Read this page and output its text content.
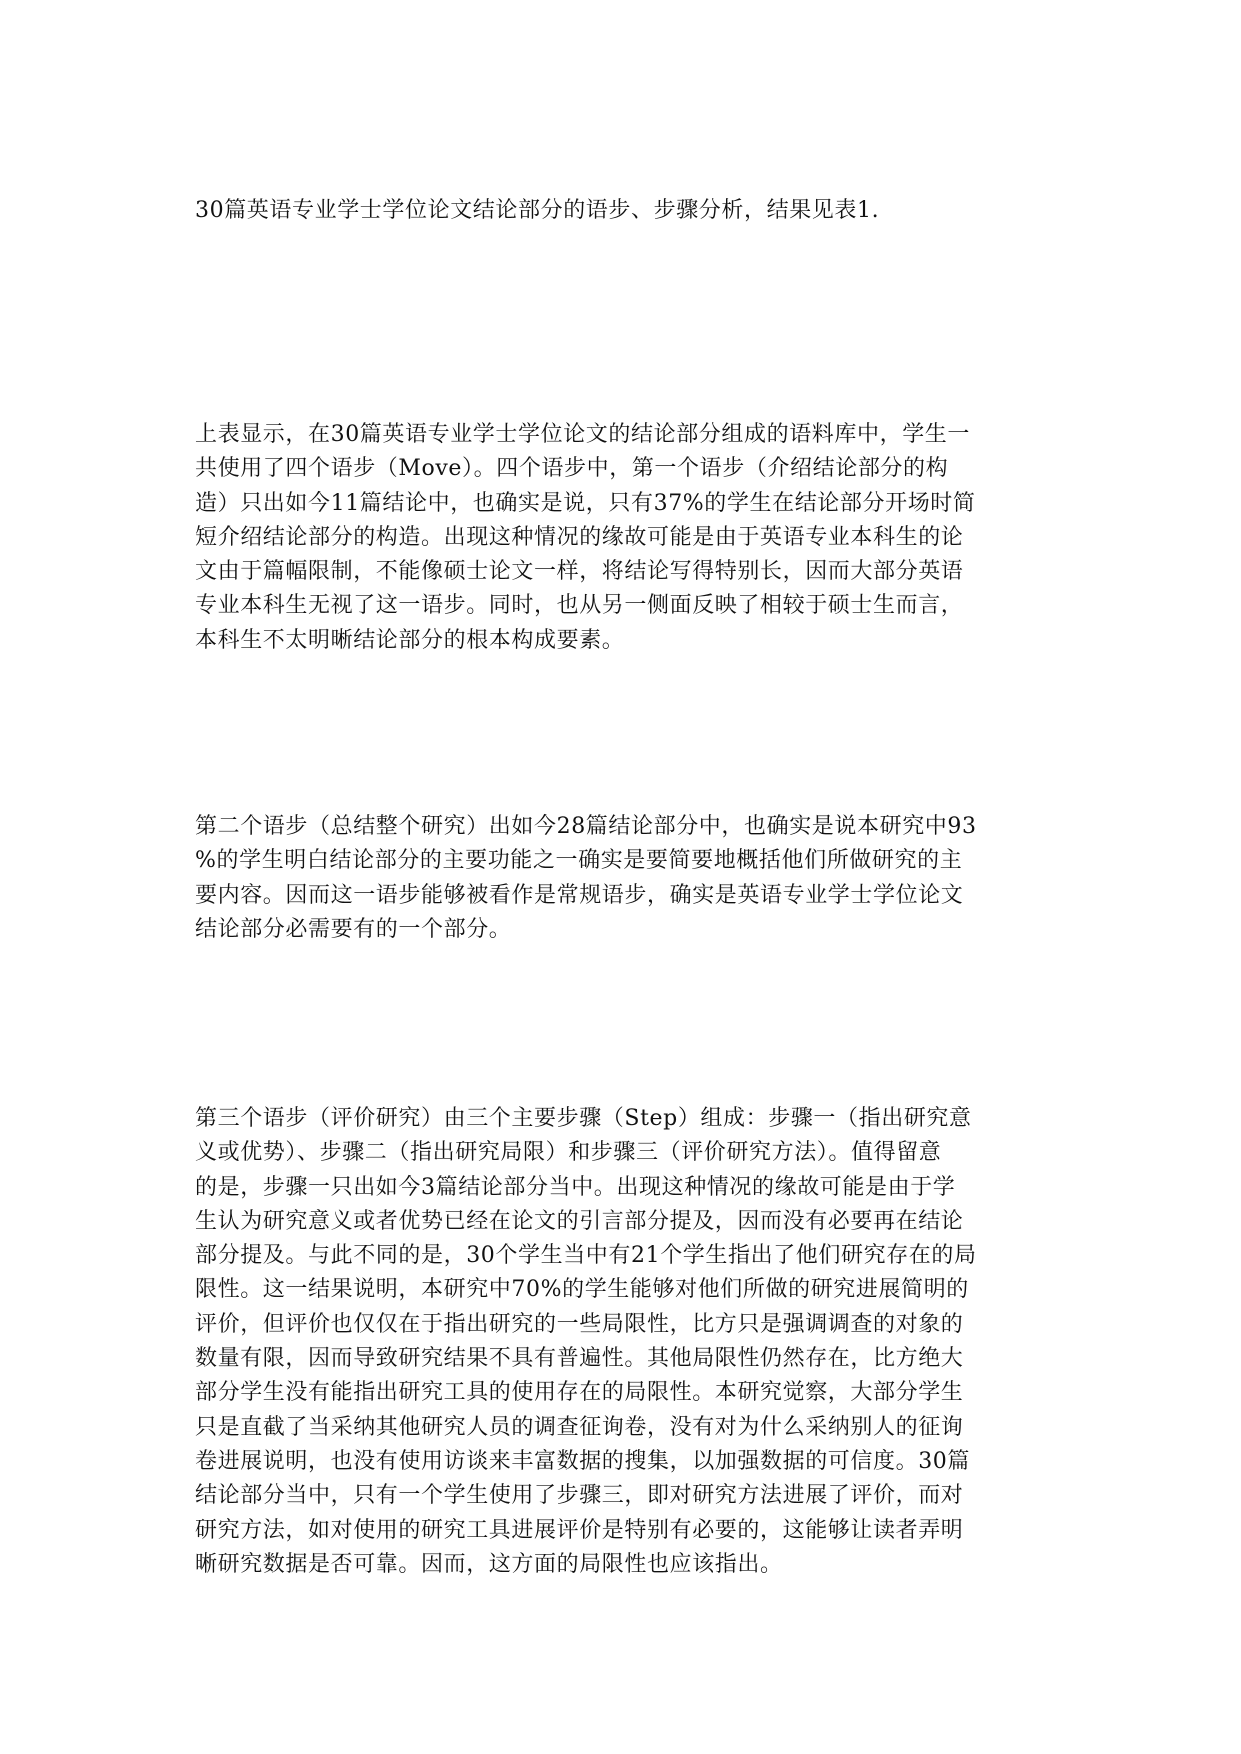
30篇英语专业学士学位论文结论部分的语步、步骤分析，结果见表1.

上表显示，在30篇英语专业学士学位论文的结论部分组成的语料库中，学生一
共使用了四个语步（Move）。四个语步中，第一个语步（介绍结论部分的构
造）只出如今11篇结论中，也确实是说，只有37%的学生在结论部分开场时简
短介绍结论部分的构造。出现这种情况的缘故可能是由于英语专业本科生的论
文由于篇幅限制，不能像硕士论文一样，将结论写得特别长，因而大部分英语
专业本科生无视了这一语步。同时，也从另一侧面反映了相较于硕士生而言，
本科生不太明晰结论部分的根本构成要素。

第二个语步（总结整个研究）出如今28篇结论部分中，也确实是说本研究中93
%的学生明白结论部分的主要功能之一确实是要简要地概括他们所做研究的主
要内容。因而这一语步能够被看作是常规语步，确实是英语专业学士学位论文
结论部分必需要有的一个部分。

第三个语步（评价研究）由三个主要步骤（Step）组成：步骤一（指出研究意
义或优势）、步骤二（指出研究局限）和步骤三（评价研究方法）。值得留意
的是，步骤一只出如今3篇结论部分当中。出现这种情况的缘故可能是由于学
生认为研究意义或者优势已经在论文的引言部分提及，因而没有必要再在结论
部分提及。与此不同的是，30个学生当中有21个学生指出了他们研究存在的局
限性。这一结果说明，本研究中70%的学生能够对他们所做的研究进展简明的
评价，但评价也仅仅在于指出研究的一些局限性，比方只是强调调查的对象的
数量有限，因而导致研究结果不具有普遍性。其他局限性仍然存在，比方绝大
部分学生没有能指出研究工具的使用存在的局限性。本研究觉察，大部分学生
只是直截了当采纳其他研究人员的调查征询卷，没有对为什么采纳别人的征询
卷进展说明，也没有使用访谈来丰富数据的搜集，以加强数据的可信度。30篇
结论部分当中，只有一个学生使用了步骤三，即对研究方法进展了评价，而对
研究方法，如对使用的研究工具进展评价是特别有必要的，这能够让读者弄明
晰研究数据是否可靠。因而，这方面的局限性也应该指出。
